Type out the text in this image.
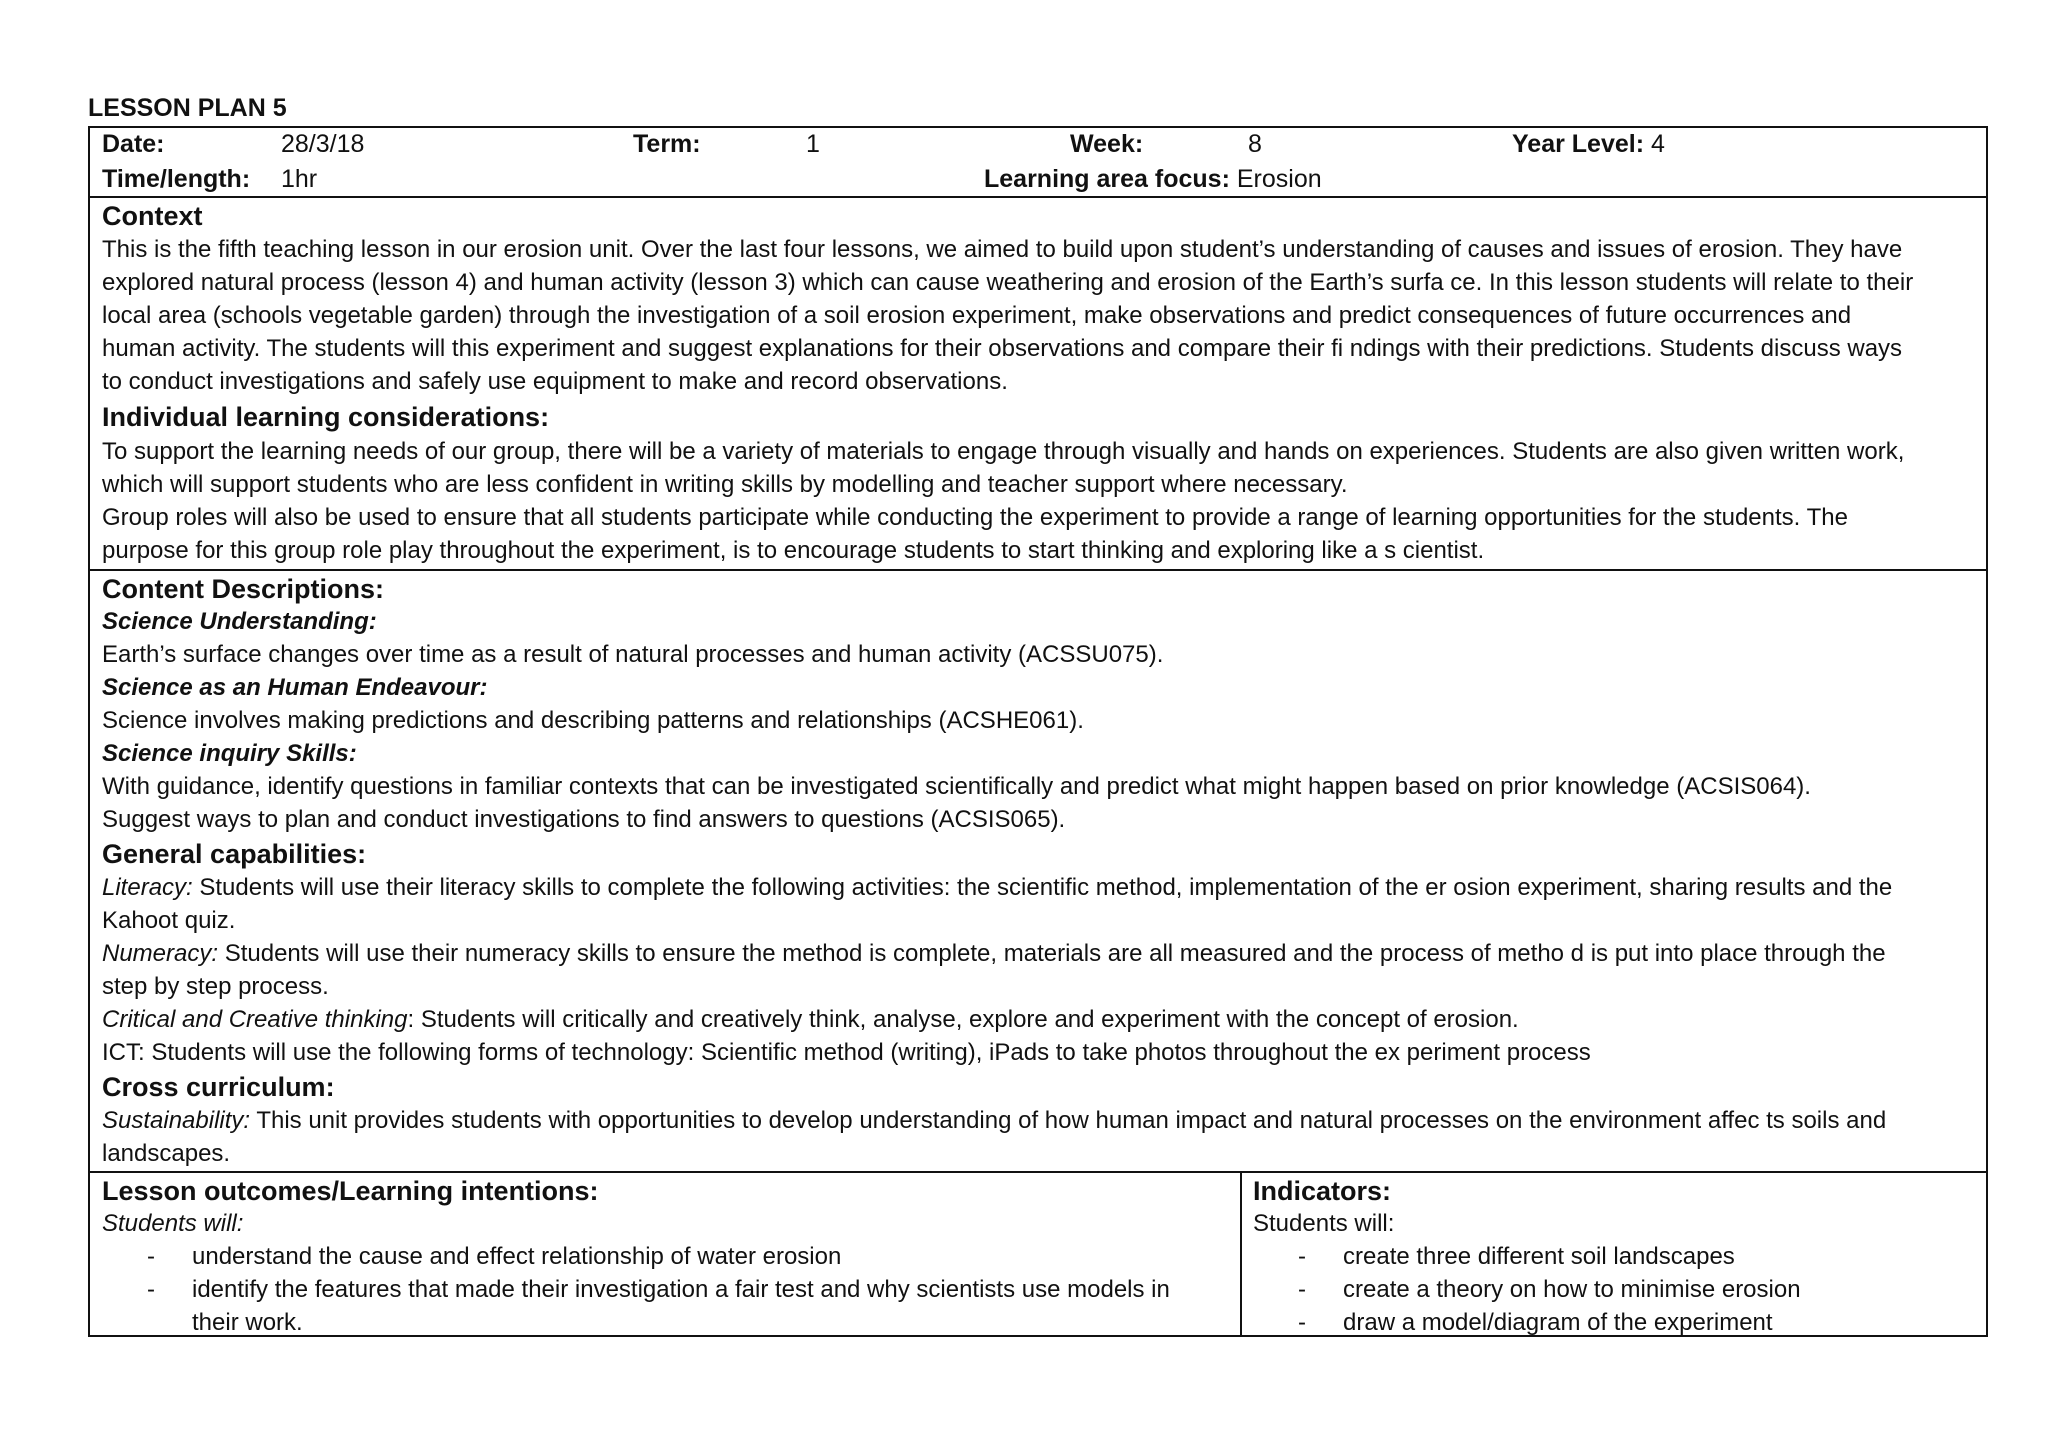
LESSON PLAN 5
Date:	28/3/18	Term:	1	Week:	8	Year Level: 4
Time/length: 1hr	Learning area focus: Erosion
Context
This is the fifth teaching lesson in our erosion unit. Over the last four lessons, we aimed to build upon student’s understanding of causes and issues of erosion. They have
explored natural process (lesson 4) and human activity (lesson 3) which can cause weathering and erosion of the Earth’s surfa ce. In this lesson students will relate to their
local area (schools vegetable garden) through the investigation of a soil erosion experiment, make observations and predict consequences of future occurrences and
human activity. The students will this experiment and suggest explanations for their observations and compare their fi ndings with their predictions. Students discuss ways
to conduct investigations and safely use equipment to make and record observations.
Individual learning considerations:
To support the learning needs of our group, there will be a variety of materials to engage through visually and hands on experiences. Students are also given written work,
which will support students who are less confident in writing skills by modelling and teacher support where necessary.
Group roles will also be used to ensure that all students participate while conducting the experiment to provide a range of learning opportunities for the students. The
purpose for this group role play throughout the experiment, is to encourage students to start thinking and exploring like a s cientist.
Content Descriptions:
Science Understanding:
Earth’s surface changes over time as a result of natural processes and human activity (ACSSU075).
Science as an Human Endeavour:
Science involves making predictions and describing patterns and relationships (ACSHE061).
Science inquiry Skills:
With guidance, identify questions in familiar contexts that can be investigated scientifically and predict what might happen based on prior knowledge (ACSIS064).
Suggest ways to plan and conduct investigations to find answers to questions (ACSIS065).
General capabilities:
Literacy: Students will use their literacy skills to complete the following activities: the scientific method, implementation of the er osion experiment, sharing results and the
Kahoot quiz.
Numeracy: Students will use their numeracy skills to ensure the method is complete, materials are all measured and the process of metho d is put into place through the
step by step process.
Critical and Creative thinking: Students will critically and creatively think, analyse, explore and experiment with the concept of erosion.
ICT: Students will use the following forms of technology: Scientific method (writing), iPads to take photos throughout the ex periment process
Cross curriculum:
Sustainability: This unit provides students with opportunities to develop understanding of how human impact and natural processes on the environment affec ts soils and
landscapes.
Lesson outcomes/Learning intentions:
Students will:
- understand the cause and effect relationship of water erosion
- identify the features that made their investigation a fair test and why scientists use models in
their work.
Indicators:
Students will:
- create three different soil landscapes
- create a theory on how to minimise erosion
- draw a model/diagram of the experiment
